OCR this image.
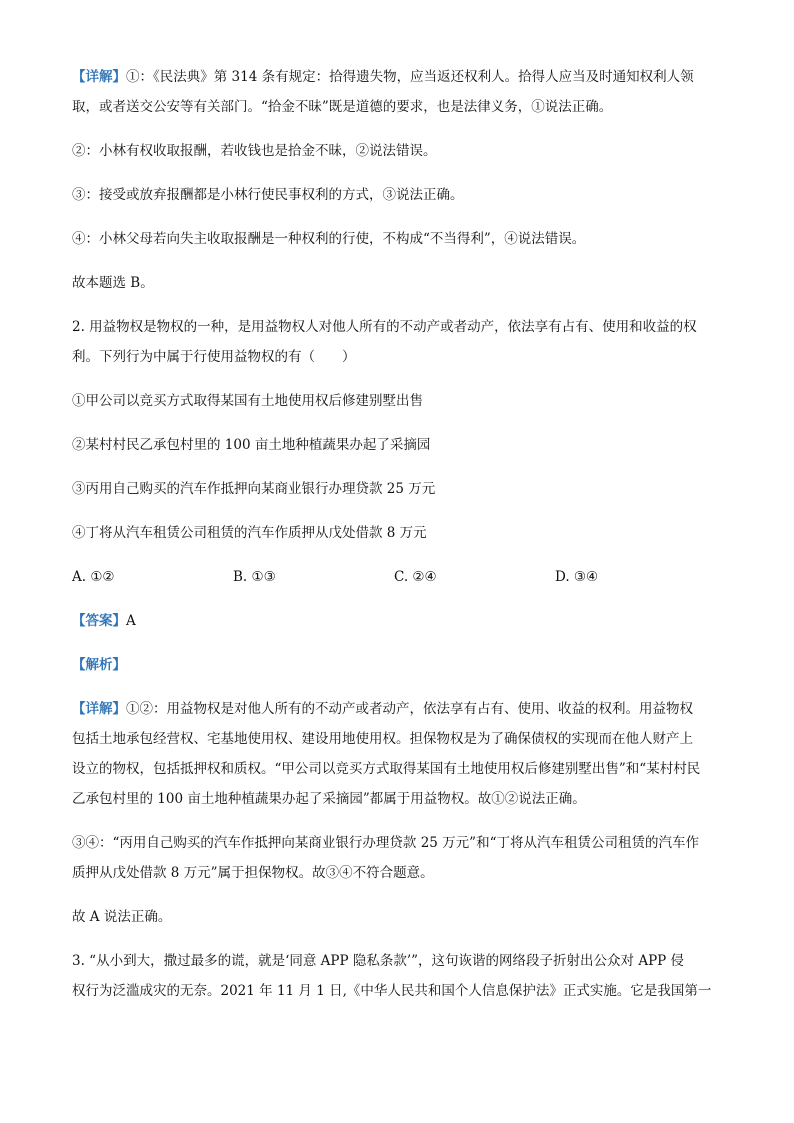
【详解】①：《民法典》第 314 条有规定：拾得遗失物，应当返还权利人。拾得人应当及时通知权利人领

取，或者送交公安等有关部门。“拾金不昧”既是道德的要求，也是法律义务，①说法正确。

②：小林有权收取报酬，若收钱也是拾金不昧，②说法错误。

③：接受或放弃报酬都是小林行使民事权利的方式，③说法正确。

④：小林父母若向失主收取报酬是一种权利的行使，不构成“不当得利”，④说法错误。

故本题选 B。

2. 用益物权是物权的一种，是用益物权人对他人所有的不动产或者动产，依法享有占有、使用和收益的权

利。下列行为中属于行使用益物权的有（　　）

①甲公司以竞买方式取得某国有土地使用权后修建别墅出售

②某村村民乙承包村里的 100 亩土地种植蔬果办起了采摘园

③丙用自己购买的汽车作抵押向某商业银行办理贷款 25 万元

④丁将从汽车租赁公司租赁的汽车作质押从戊处借款 8 万元

A. ①②	B. ①③	C. ②④	D. ③④

【答案】A

【解析】

【详解】①②：用益物权是对他人所有的不动产或者动产，依法享有占有、使用、收益的权利。用益物权

包括土地承包经营权、宅基地使用权、建设用地使用权。担保物权是为了确保债权的实现而在他人财产上

设立的物权，包括抵押权和质权。“甲公司以竞买方式取得某国有土地使用权后修建别墅出售”和“某村村民

乙承包村里的 100 亩土地种植蔬果办起了采摘园”都属于用益物权。故①②说法正确。

③④：“丙用自己购买的汽车作抵押向某商业银行办理贷款 25 万元”和“丁将从汽车租赁公司租赁的汽车作

质押从戊处借款 8 万元”属于担保物权。故③④不符合题意。

故 A 说法正确。

3. “从小到大，撒过最多的谎，就是‘同意 APP 隐私条款’”，这句诙谐的网络段子折射出公众对 APP 侵

权行为泛滥成灾的无奈。2021 年 11 月 1 日,《中华人民共和国个人信息保护法》正式实施。它是我国第一
